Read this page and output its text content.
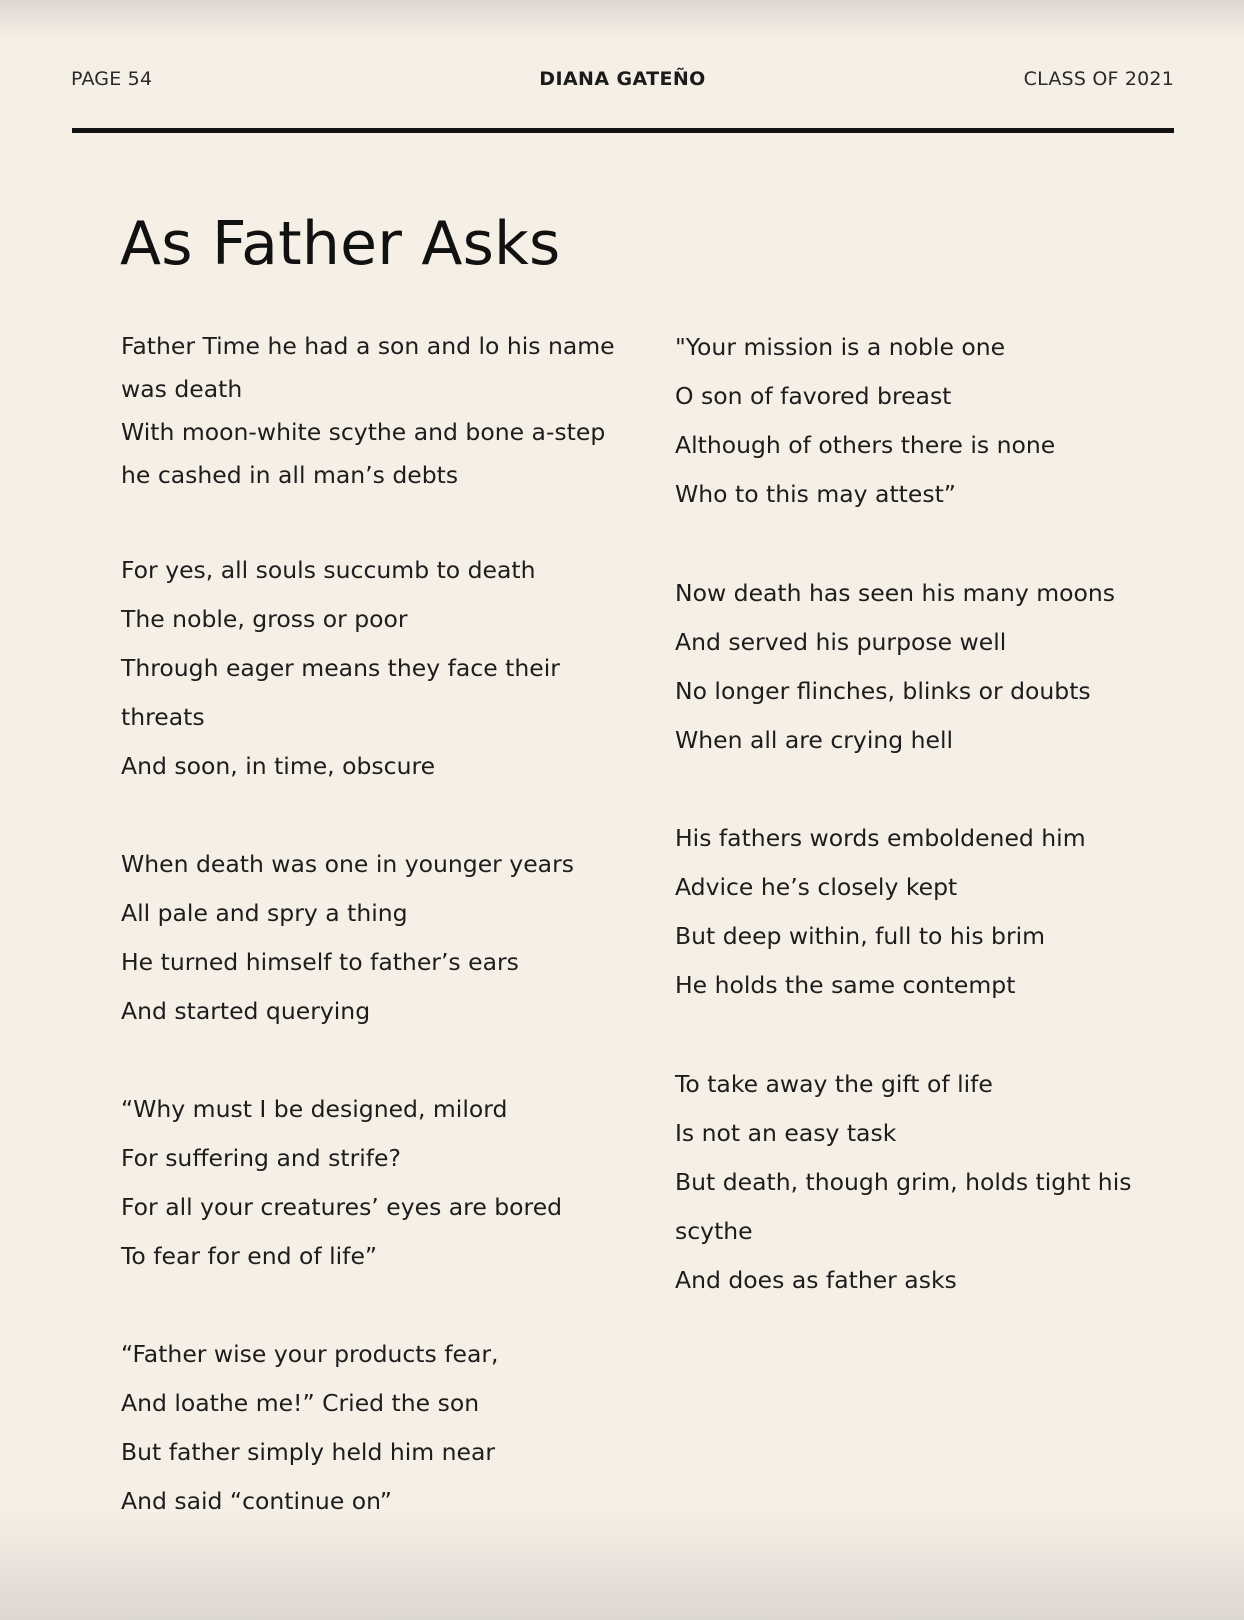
PAGE 54	DIANA GATEÑO	CLASS OF 2021
As Father Asks
Father Time he had a son and lo his name
was death
With moon-white scythe and bone a-step
he cashed in all man’s debts
For yes, all souls succumb to death
The noble, gross or poor
Through eager means they face their
threats
And soon, in time, obscure
When death was one in younger years
All pale and spry a thing
He turned himself to father’s ears
And started querying
“Why must I be designed, milord
For suffering and strife?
For all your creatures’ eyes are bored
To fear for end of life”
“Father wise your products fear,
And loathe me!” Cried the son
But father simply held him near
And said “continue on”
"Your mission is a noble one
O son of favored breast
Although of others there is none
Who to this may attest”
Now death has seen his many moons
And served his purpose well
No longer flinches, blinks or doubts
When all are crying hell
His fathers words emboldened him
Advice he’s closely kept
But deep within, full to his brim
He holds the same contempt
To take away the gift of life
Is not an easy task
But death, though grim, holds tight his
scythe
And does as father asks
